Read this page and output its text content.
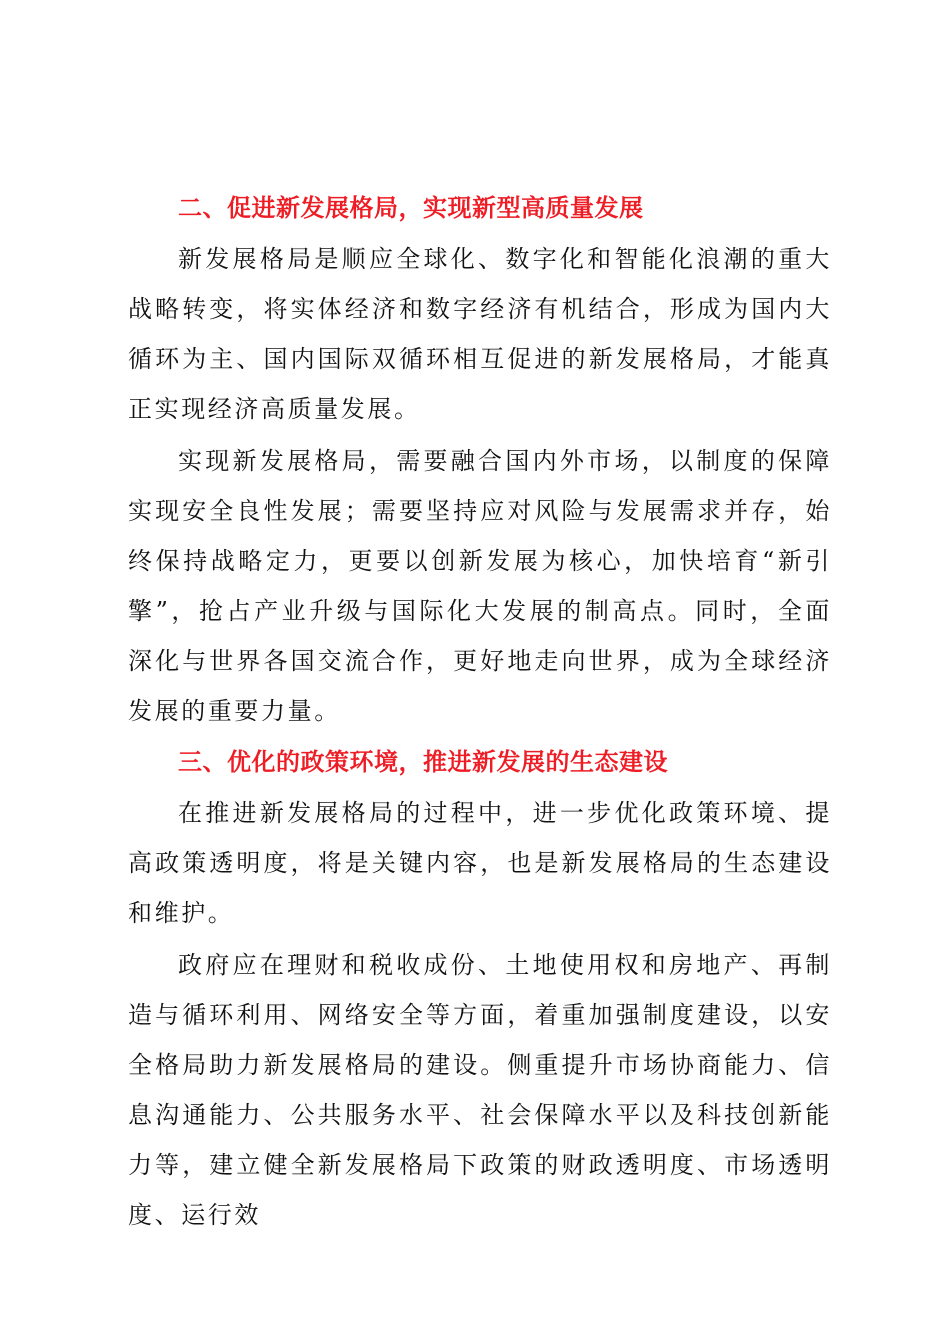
二、促进新发展格局，实现新型高质量发展

新发展格局是顺应全球化、数字化和智能化浪潮的重大战略转变，将实体经济和数字经济有机结合，形成为国内大循环为主、国内国际双循环相互促进的新发展格局，才能真正实现经济高质量发展。

实现新发展格局，需要融合国内外市场，以制度的保障实现安全良性发展；需要坚持应对风险与发展需求并存，始终保持战略定力，更要以创新发展为核心，加快培育“新引擎”，抢占产业升级与国际化大发展的制高点。同时，全面深化与世界各国交流合作，更好地走向世界，成为全球经济发展的重要力量。

三、优化的政策环境，推进新发展的生态建设

在推进新发展格局的过程中，进一步优化政策环境、提高政策透明度，将是关键内容，也是新发展格局的生态建设和维护。

政府应在理财和税收成份、土地使用权和房地产、再制造与循环利用、网络安全等方面，着重加强制度建设，以安全格局助力新发展格局的建设。侧重提升市场协商能力、信息沟通能力、公共服务水平、社会保障水平以及科技创新能力等，建立健全新发展格局下政策的财政透明度、市场透明度、运行效
